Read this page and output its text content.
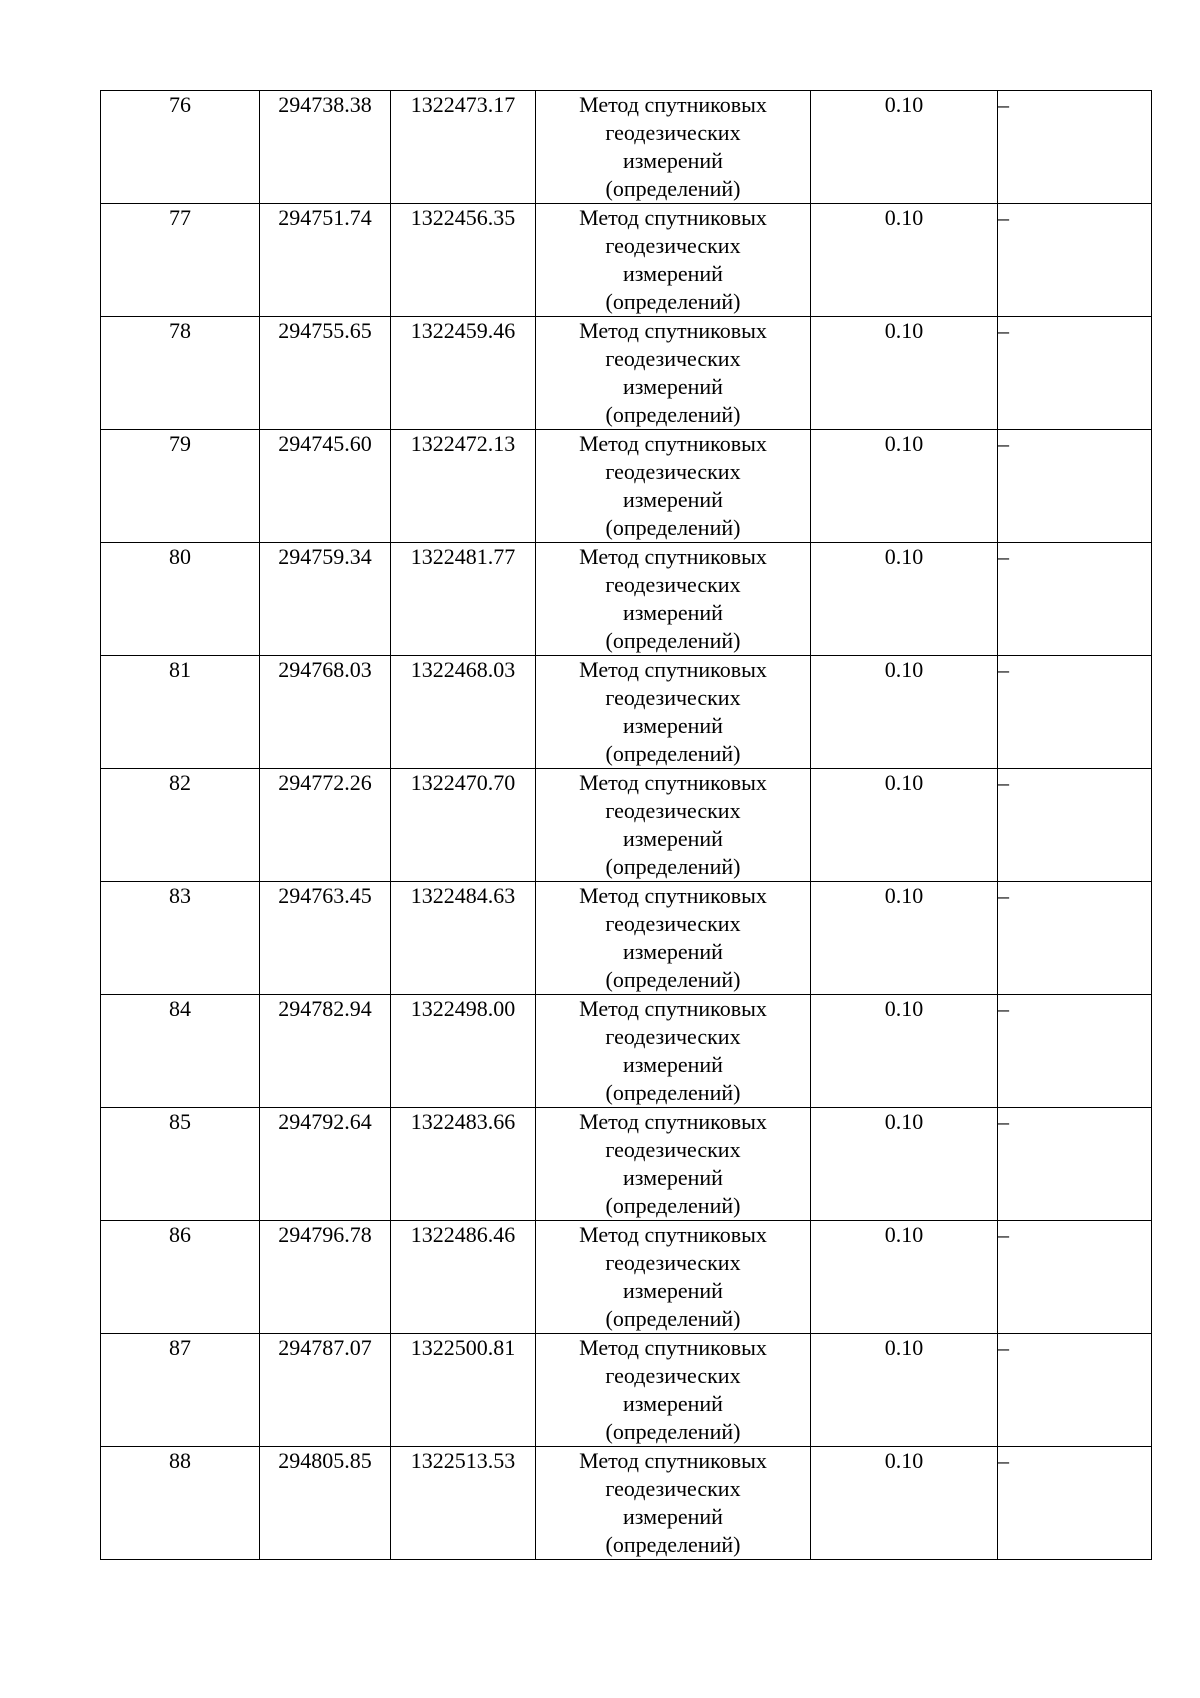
76	294738.38	1322473.17	Метод спутниковых
геодезических
измерений
(определений)	0.10	–
77	294751.74	1322456.35	Метод спутниковых
геодезических
измерений
(определений)	0.10	–
78	294755.65	1322459.46	Метод спутниковых
геодезических
измерений
(определений)	0.10	–
79	294745.60	1322472.13	Метод спутниковых
геодезических
измерений
(определений)	0.10	–
80	294759.34	1322481.77	Метод спутниковых
геодезических
измерений
(определений)	0.10	–
81	294768.03	1322468.03	Метод спутниковых
геодезических
измерений
(определений)	0.10	–
82	294772.26	1322470.70	Метод спутниковых
геодезических
измерений
(определений)	0.10	–
83	294763.45	1322484.63	Метод спутниковых
геодезических
измерений
(определений)	0.10	–
84	294782.94	1322498.00	Метод спутниковых
геодезических
измерений
(определений)	0.10	–
85	294792.64	1322483.66	Метод спутниковых
геодезических
измерений
(определений)	0.10	–
86	294796.78	1322486.46	Метод спутниковых
геодезических
измерений
(определений)	0.10	–
87	294787.07	1322500.81	Метод спутниковых
геодезических
измерений
(определений)	0.10	–
88	294805.85	1322513.53	Метод спутниковых
геодезических
измерений
(определений)	0.10	–
